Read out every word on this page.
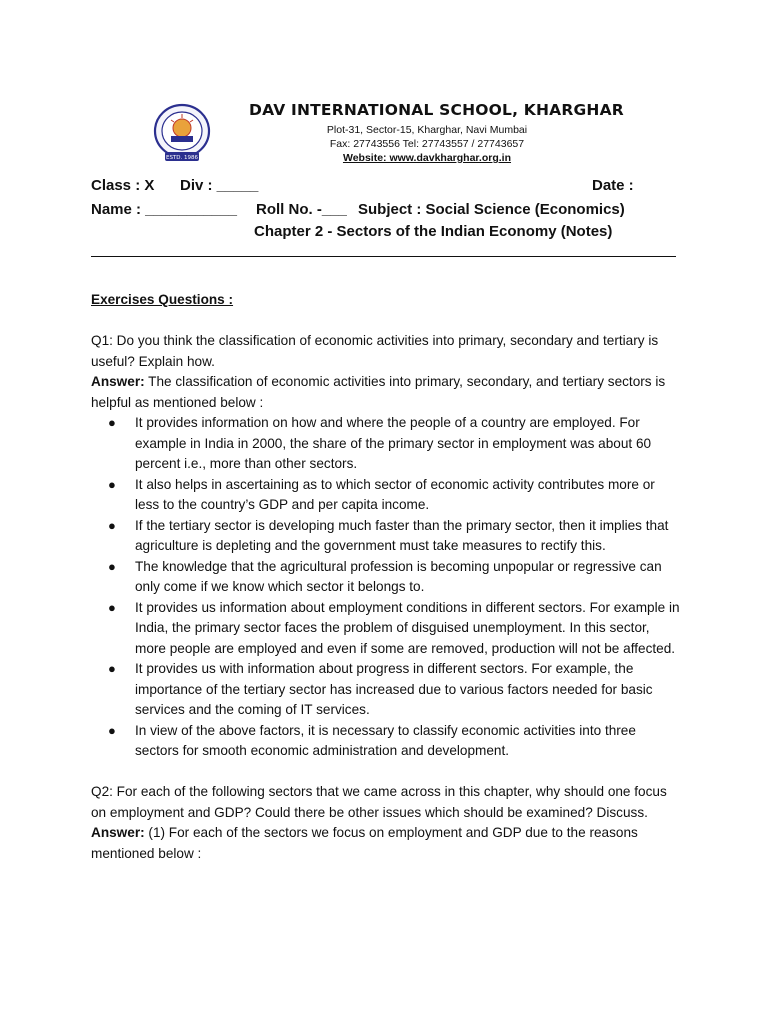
ESTD. 1986
DAV INTERNATIONAL SCHOOL, KHARGHAR
Plot-31, Sector-15, Kharghar, Navi Mumbai
Fax: 27743556 Tel: 27743557 / 27743657
Website: www.davkharghar.org.in
Class : X Div : _____	Date :
Name : ___________ Roll No. -___ Subject : Social Science (Economics)
Chapter 2 - Sectors of the Indian Economy (Notes)

Exercises Questions :

Q1: Do you think the classification of economic activities into primary, secondary and tertiary is useful? Explain how.

Answer: The classification of economic activities into primary, secondary, and tertiary sectors is helpful as mentioned below :

● It provides information on how and where the people of a country are employed. For example in India in 2000, the share of the primary sector in employment was about 60 percent i.e., more than other sectors.
● It also helps in ascertaining as to which sector of economic activity contributes more or less to the country’s GDP and per capita income.
● If the tertiary sector is developing much faster than the primary sector, then it implies that agriculture is depleting and the government must take measures to rectify this.
● The knowledge that the agricultural profession is becoming unpopular or regressive can only come if we know which sector it belongs to.
● It provides us information about employment conditions in different sectors. For example in India, the primary sector faces the problem of disguised unemployment. In this sector, more people are employed and even if some are removed, production will not be affected.
● It provides us with information about progress in different sectors. For example, the importance of the tertiary sector has increased due to various factors needed for basic services and the coming of IT services.
● In view of the above factors, it is necessary to classify economic activities into three sectors for smooth economic administration and development.

Q2: For each of the following sectors that we came across in this chapter, why should one focus on employment and GDP? Could there be other issues which should be examined? Discuss.

Answer: (1) For each of the sectors we focus on employment and GDP due to the reasons mentioned below :
